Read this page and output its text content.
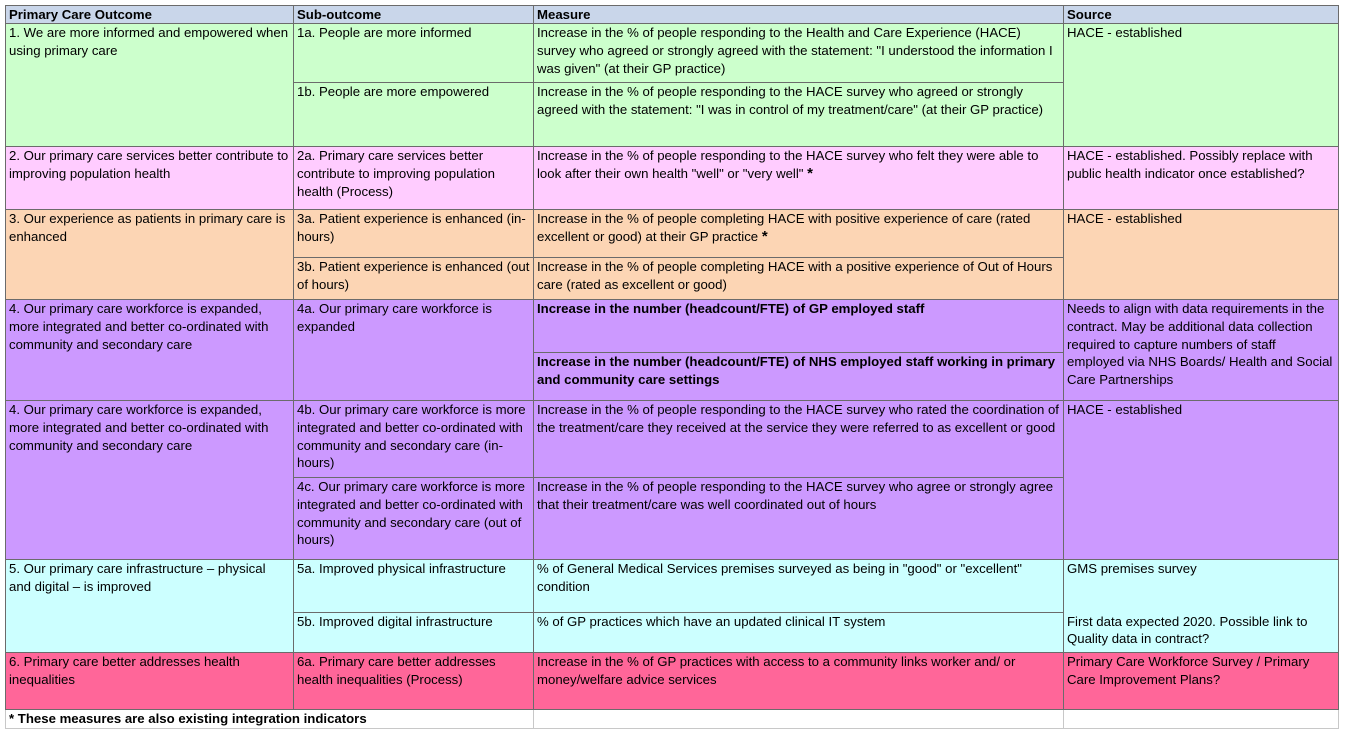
Primary Care Outcome	Sub-outcome	Measure	Source
1. We are more informed and empowered when using primary care	1a. People are more informed	Increase in the % of people responding to the Health and Care Experience (HACE) survey who agreed or strongly agreed with the statement: "I understood the information I was given" (at their GP practice)	HACE - established
	1b. People are more empowered	Increase in the % of people responding to the HACE survey who agreed or strongly agreed with the statement: "I was in control of my treatment/care" (at their GP practice)	
2. Our primary care services better contribute to improving population health	2a. Primary care services better contribute to improving population health (Process)	Increase in the % of people responding to the HACE survey who felt they were able to look after their own health "well" or "very well" *	HACE - established. Possibly replace with public health indicator once established?
3. Our experience as patients in primary care is enhanced	3a. Patient experience is enhanced (in-hours)	Increase in the % of people completing HACE with positive experience of care (rated excellent or good) at their GP practice *	HACE - established
	3b. Patient experience is enhanced (out of hours)	Increase in the % of people completing HACE with a positive experience of Out of Hours care (rated as excellent or good)	
4. Our primary care workforce is expanded, more integrated and better co-ordinated with community and secondary care	4a. Our primary care workforce is expanded	Increase in the number (headcount/FTE) of GP employed staff	Needs to align with data requirements in the contract. May be additional data collection required to capture numbers of staff employed via NHS Boards/ Health and Social Care Partnerships
		Increase in the number (headcount/FTE) of NHS employed staff working in primary and community care settings	
4. Our primary care workforce is expanded, more integrated and better co-ordinated with community and secondary care	4b. Our primary care workforce is more integrated and better co-ordinated with community and secondary care (in-hours)	Increase in the % of people responding to the HACE survey who rated the coordination of the treatment/care they received at the service they were referred to as excellent or good	HACE - established
	4c. Our primary care workforce is more integrated and better co-ordinated with community and secondary care (out of hours)	Increase in the % of people responding to the HACE survey who agree or strongly agree that their treatment/care was well coordinated out of hours	
5. Our primary care infrastructure – physical and digital – is improved	5a. Improved physical infrastructure	% of General Medical Services premises surveyed as being in "good" or "excellent" condition	GMS premises survey
	5b. Improved digital infrastructure	% of GP practices which have an updated clinical IT system	First data expected 2020. Possible link to Quality data in contract?
6. Primary care better addresses health inequalities	6a. Primary care better addresses health inequalities (Process)	Increase in the % of GP practices with access to a community links worker and/ or money/welfare advice services	Primary Care Workforce Survey / Primary Care Improvement Plans?
* These measures are also existing integration indicators			
